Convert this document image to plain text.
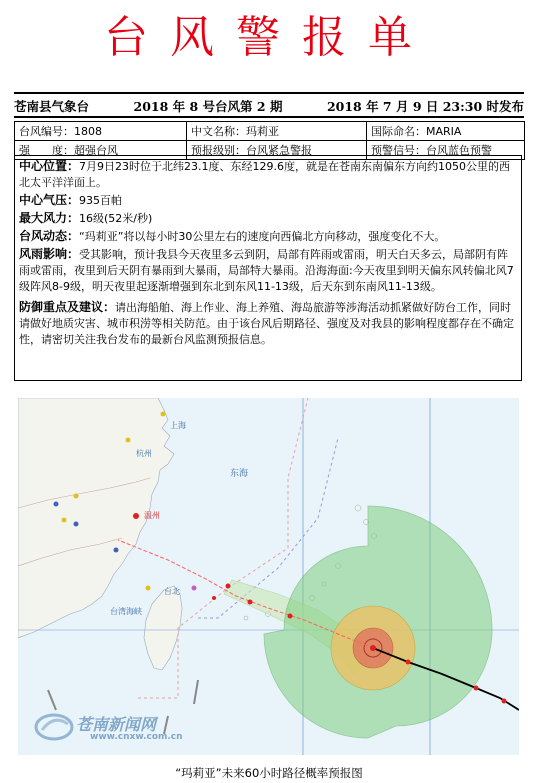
台风警报单
苍南县气象台	2018 年 8 号台风第 2 期	2018 年 7 月 9 日 23:30 时发布
台风编号：1808	中文名称：玛莉亚	国际命名：MARIA
强　　度：超强台风	预报级别：台风紧急警报	预警信号：台风蓝色预警

中心位置：7月9日23时位于北纬23.1度、东经129.6度，就是在苍南东南偏东方向约1050公里的西北太平洋洋面上。

中心气压：935百帕

最大风力：16级(52米/秒)

台风动态：“玛莉亚”将以每小时30公里左右的速度向西偏北方向移动，强度变化不大。

风雨影响：受其影响，预计我县今天夜里多云到阴，局部有阵雨或雷雨，明天白天多云，局部阴有阵雨或雷雨，夜里到后天阴有暴雨到大暴雨，局部特大暴雨。沿海海面:今天夜里到明天偏东风转偏北风7级阵风8-9级，明天夜里起逐渐增强到东北到东风11-13级，后天东到东南风11-13级。

防御重点及建议：请出海船舶、海上作业、海上养殖、海岛旅游等涉海活动抓紧做好防台工作，同时请做好地质灾害、城市积涝等相关防范。由于该台风后期路径、强度及对我县的影响程度都存在不确定性，请密切关注我台发布的最新台风监测预报信息。

上海
杭州
东海
温州
台北
台湾海峡
苍南新闻网
www.cnxw.com.cn
“玛莉亚”未来60小时路径概率预报图
